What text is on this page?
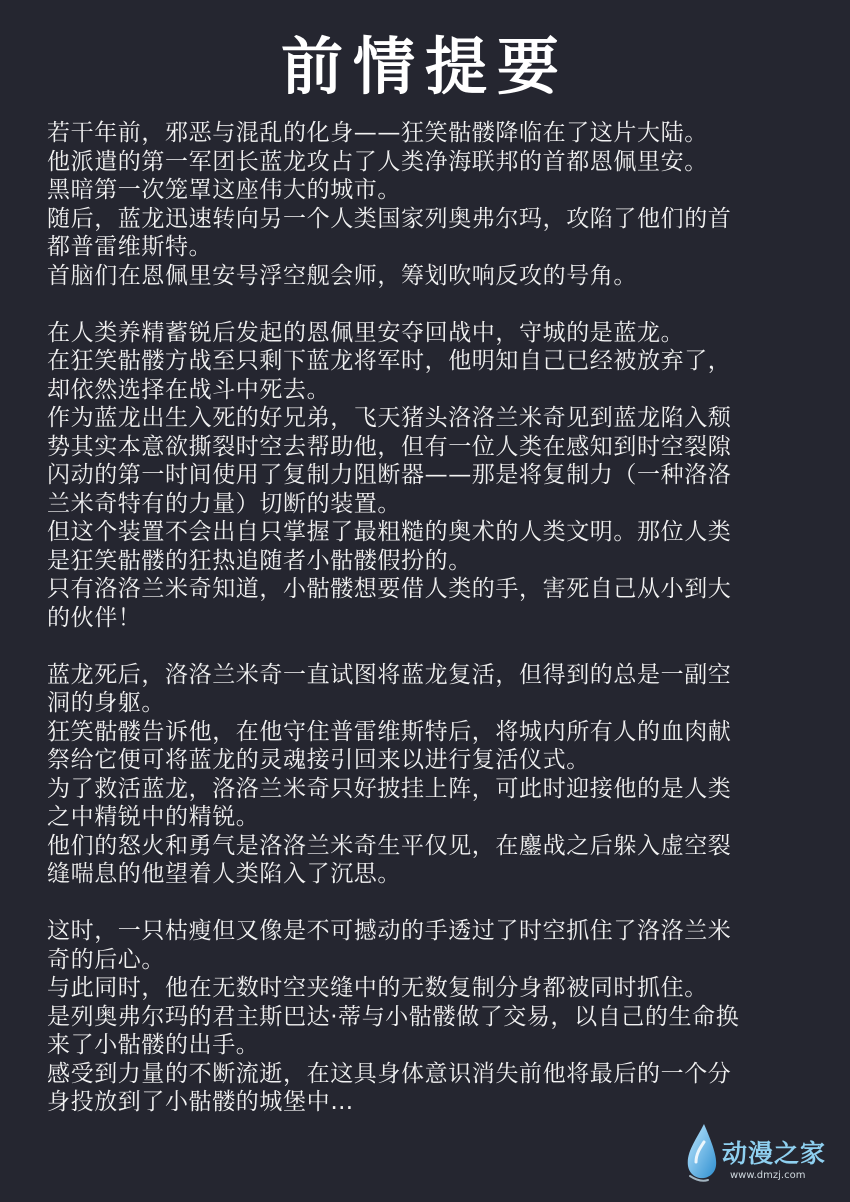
前情提要
若干年前，邪恶与混乱的化身——狂笑骷髅降临在了这片大陆。
他派遣的第一军团长蓝龙攻占了人类净海联邦的首都恩佩里安。
黑暗第一次笼罩这座伟大的城市。
随后，蓝龙迅速转向另一个人类国家列奥弗尔玛，攻陷了他们的首
都普雷维斯特。
首脑们在恩佩里安号浮空舰会师，筹划吹响反攻的号角。
在人类养精蓄锐后发起的恩佩里安夺回战中，守城的是蓝龙。
在狂笑骷髅方战至只剩下蓝龙将军时，他明知自己已经被放弃了，
却依然选择在战斗中死去。
作为蓝龙出生入死的好兄弟，飞天猪头洛洛兰米奇见到蓝龙陷入颓
势其实本意欲撕裂时空去帮助他，但有一位人类在感知到时空裂隙
闪动的第一时间使用了复制力阻断器——那是将复制力（一种洛洛
兰米奇特有的力量）切断的装置。
但这个装置不会出自只掌握了最粗糙的奥术的人类文明。那位人类
是狂笑骷髅的狂热追随者小骷髅假扮的。
只有洛洛兰米奇知道，小骷髅想要借人类的手，害死自己从小到大
的伙伴！
蓝龙死后，洛洛兰米奇一直试图将蓝龙复活，但得到的总是一副空
洞的身躯。
狂笑骷髅告诉他，在他守住普雷维斯特后，将城内所有人的血肉献
祭给它便可将蓝龙的灵魂接引回来以进行复活仪式。
为了救活蓝龙，洛洛兰米奇只好披挂上阵，可此时迎接他的是人类
之中精锐中的精锐。
他们的怒火和勇气是洛洛兰米奇生平仅见，在鏖战之后躲入虚空裂
缝喘息的他望着人类陷入了沉思。
这时，一只枯瘦但又像是不可撼动的手透过了时空抓住了洛洛兰米
奇的后心。
与此同时，他在无数时空夹缝中的无数复制分身都被同时抓住。
是列奥弗尔玛的君主斯巴达·蒂与小骷髅做了交易，以自己的生命换
来了小骷髅的出手。
感受到力量的不断流逝，在这具身体意识消失前他将最后的一个分
身投放到了小骷髅的城堡中…
动漫之家
www.dmzj.com
